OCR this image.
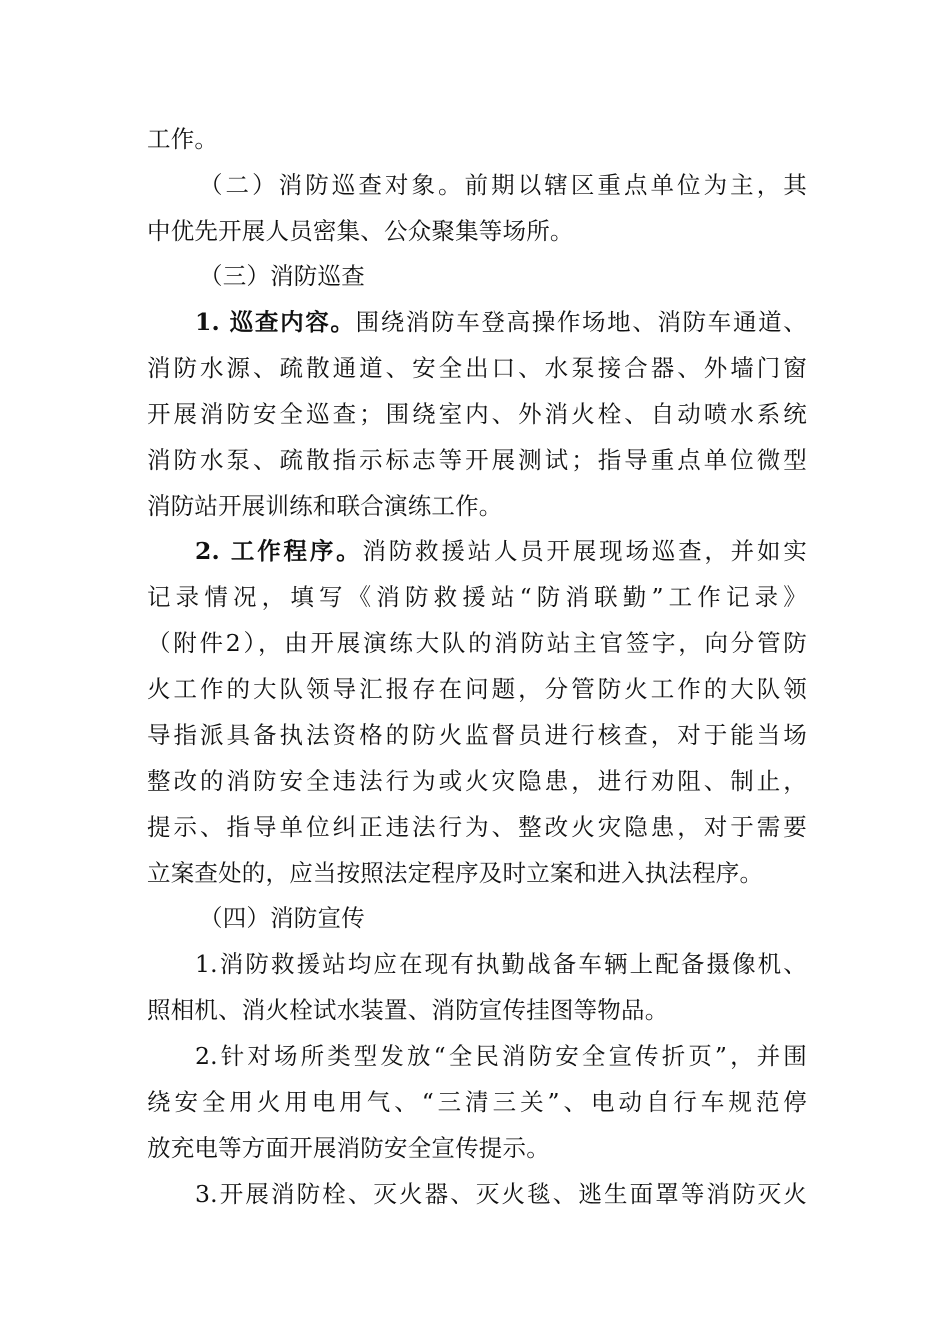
工作。
（二）消防巡查对象。前期以辖区重点单位为主，其
中优先开展人员密集、公众聚集等场所。
（三）消防巡查
1. 巡查内容。围绕消防车登高操作场地、消防车通道、
消防水源、疏散通道、安全出口、水泵接合器、外墙门窗
开展消防安全巡查；围绕室内、外消火栓、自动喷水系统
消防水泵、疏散指示标志等开展测试；指导重点单位微型
消防站开展训练和联合演练工作。
2. 工作程序。消防救援站人员开展现场巡查，并如实
记录情况，填写《消防救援站“防消联勤”工作记录》
（附件2），由开展演练大队的消防站主官签字，向分管防
火工作的大队领导汇报存在问题，分管防火工作的大队领
导指派具备执法资格的防火监督员进行核查，对于能当场
整改的消防安全违法行为或火灾隐患，进行劝阻、制止，
提示、指导单位纠正违法行为、整改火灾隐患，对于需要
立案查处的，应当按照法定程序及时立案和进入执法程序。
（四）消防宣传
1.消防救援站均应在现有执勤战备车辆上配备摄像机、
照相机、消火栓试水装置、消防宣传挂图等物品。
2.针对场所类型发放“全民消防安全宣传折页”，并围
绕安全用火用电用气、“三清三关”、电动自行车规范停
放充电等方面开展消防安全宣传提示。
3.开展消防栓、灭火器、灭火毯、逃生面罩等消防灭火
